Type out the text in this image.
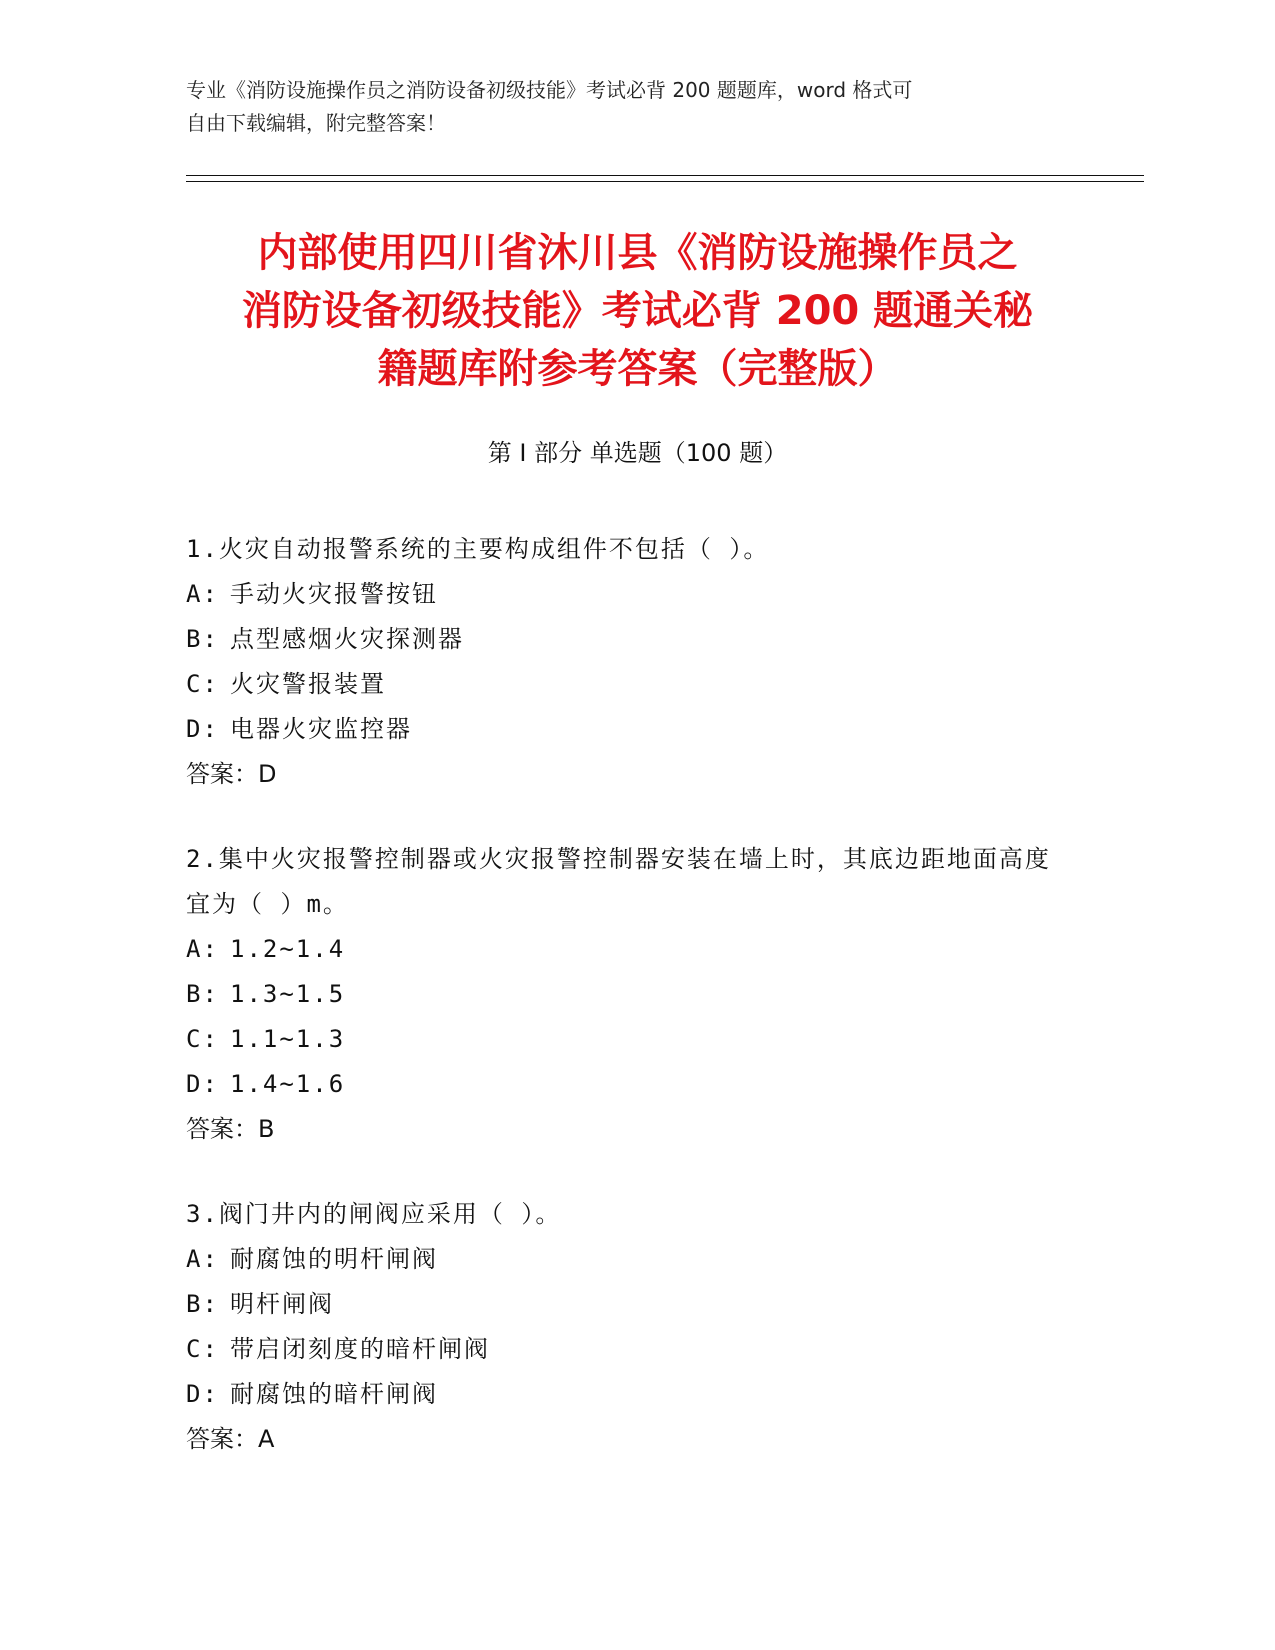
专业《消防设施操作员之消防设备初级技能》考试必背 200 题题库，word 格式可
自由下载编辑，附完整答案！
内部使用四川省沐川县《消防设施操作员之
消防设备初级技能》考试必背 200 题通关秘
籍题库附参考答案（完整版）
第 I 部分 单选题（100 题）
1.火灾自动报警系统的主要构成组件不包括（ ）。
A: 手动火灾报警按钮
B: 点型感烟火灾探测器
C: 火灾警报装置
D: 电器火灾监控器
答案：D
2.集中火灾报警控制器或火灾报警控制器安装在墙上时，其底边距地面高度宜为（ ）m。
A: 1.2~1.4
B: 1.3~1.5
C: 1.1~1.3
D: 1.4~1.6
答案：B
3.阀门井内的闸阀应采用（ ）。
A: 耐腐蚀的明杆闸阀
B: 明杆闸阀
C: 带启闭刻度的暗杆闸阀
D: 耐腐蚀的暗杆闸阀
答案：A
